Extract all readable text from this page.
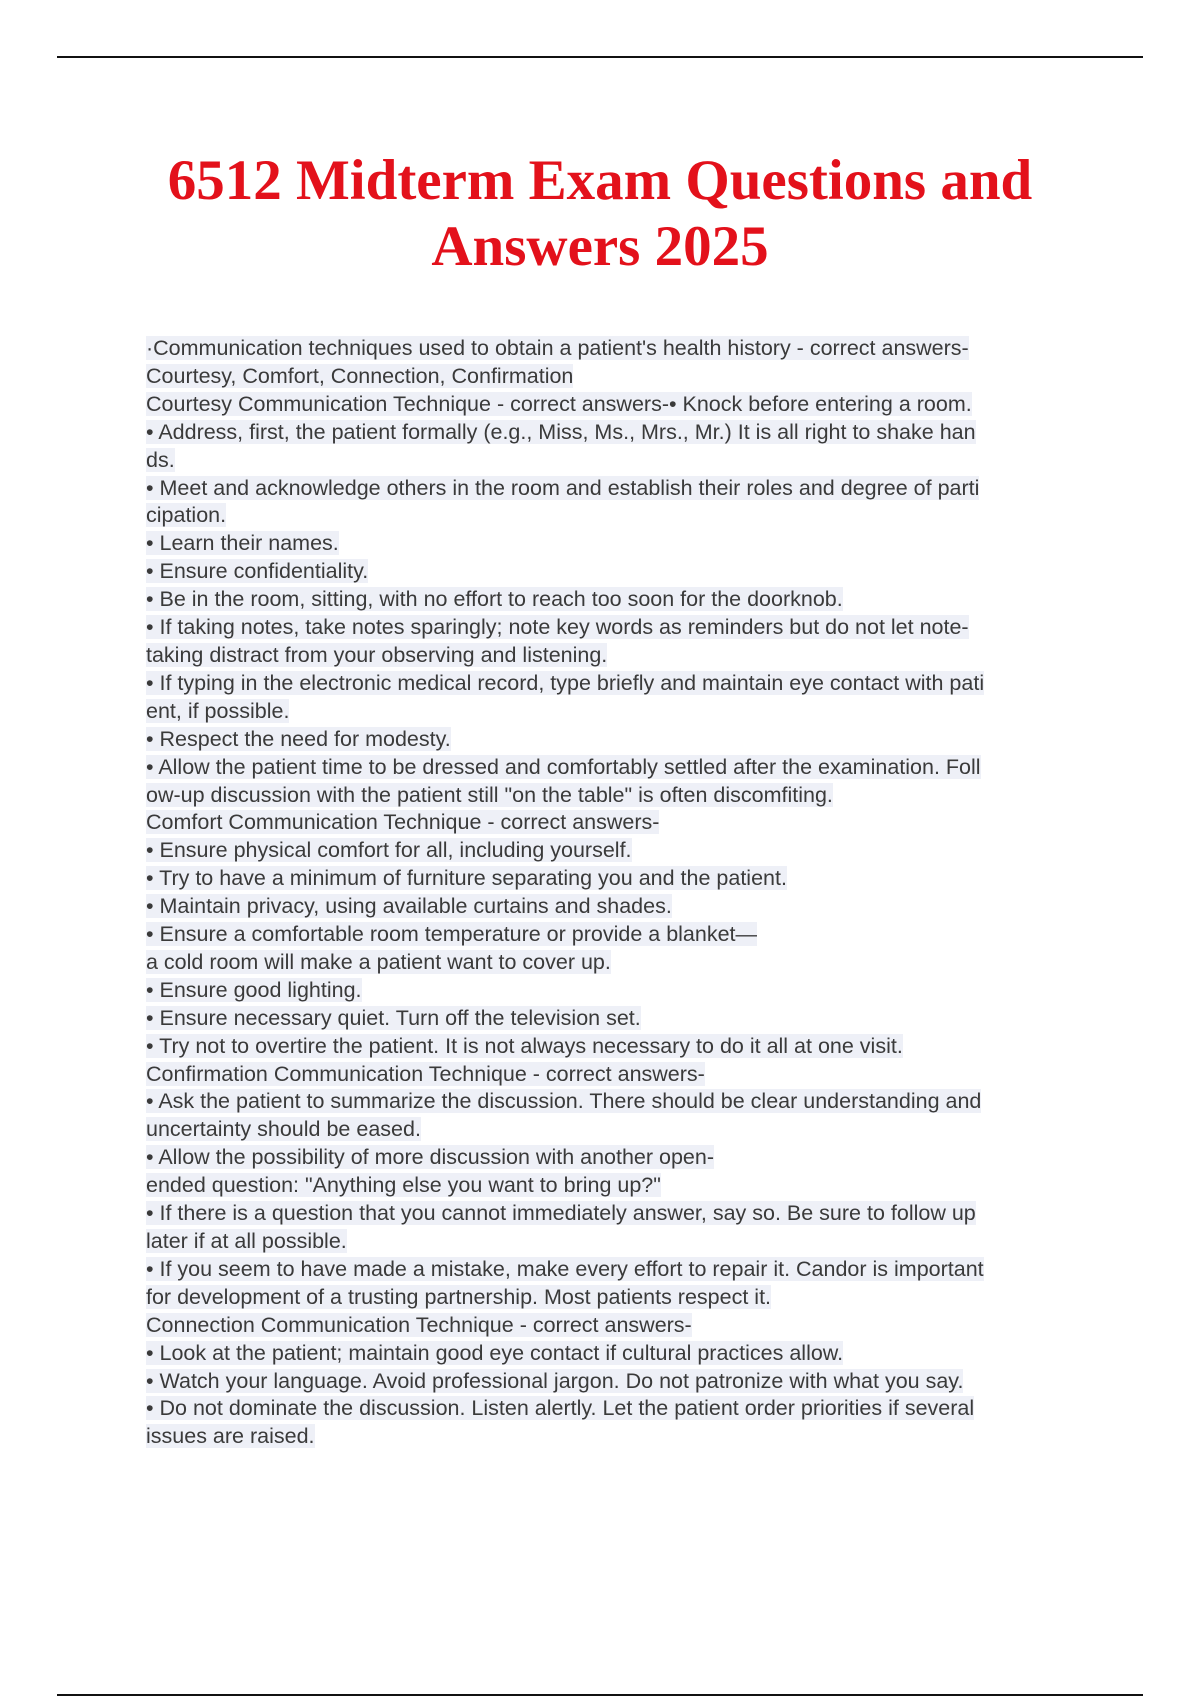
6512 Midterm Exam Questions and
Answers 2025
·Communication techniques used to obtain a patient's health history - correct answers-
Courtesy, Comfort, Connection, Confirmation
Courtesy Communication Technique - correct answers-• Knock before entering a room.
• Address, first, the patient formally (e.g., Miss, Ms., Mrs., Mr.) It is all right to shake han
ds.
• Meet and acknowledge others in the room and establish their roles and degree of parti
cipation.
• Learn their names.
• Ensure confidentiality.
• Be in the room, sitting, with no effort to reach too soon for the doorknob.
• If taking notes, take notes sparingly; note key words as reminders but do not let note-
taking distract from your observing and listening.
• If typing in the electronic medical record, type briefly and maintain eye contact with pati
ent, if possible.
• Respect the need for modesty.
• Allow the patient time to be dressed and comfortably settled after the examination. Foll
ow-up discussion with the patient still "on the table" is often discomfiting.
Comfort Communication Technique - correct answers-
• Ensure physical comfort for all, including yourself.
• Try to have a minimum of furniture separating you and the patient.
• Maintain privacy, using available curtains and shades.
• Ensure a comfortable room temperature or provide a blanket—
a cold room will make a patient want to cover up.
• Ensure good lighting.
• Ensure necessary quiet. Turn off the television set.
• Try not to overtire the patient. It is not always necessary to do it all at one visit.
Confirmation Communication Technique - correct answers-
• Ask the patient to summarize the discussion. There should be clear understanding and
uncertainty should be eased.
• Allow the possibility of more discussion with another open-
ended question: "Anything else you want to bring up?"
• If there is a question that you cannot immediately answer, say so. Be sure to follow up
later if at all possible.
• If you seem to have made a mistake, make every effort to repair it. Candor is important
for development of a trusting partnership. Most patients respect it.
Connection Communication Technique - correct answers-
• Look at the patient; maintain good eye contact if cultural practices allow.
• Watch your language. Avoid professional jargon. Do not patronize with what you say.
• Do not dominate the discussion. Listen alertly. Let the patient order priorities if several
issues are raised.
